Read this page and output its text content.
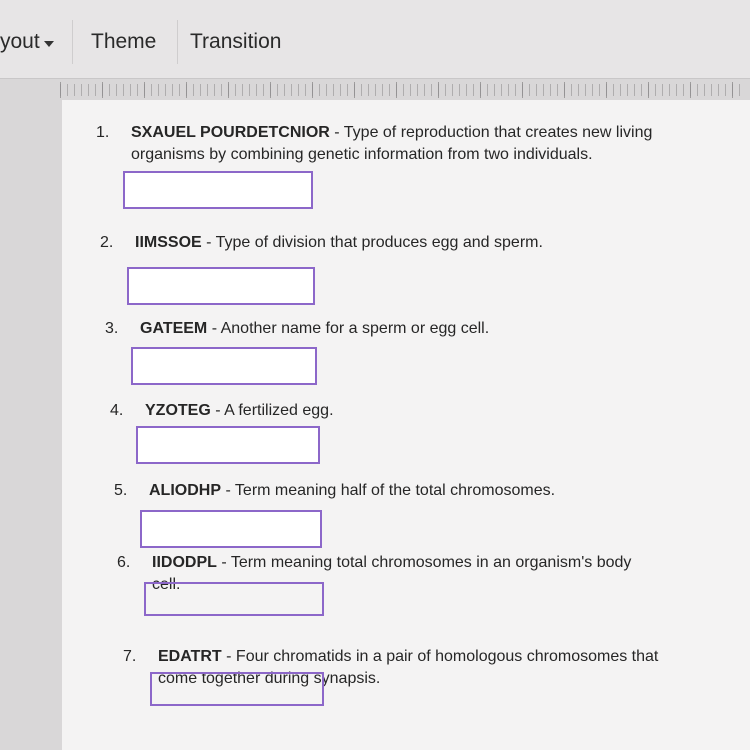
yout Theme Transition
1. SXAUEL POURDETCNIOR - Type of reproduction that creates new living organisms by combining genetic information from two individuals.
2. IIMSSOE - Type of division that produces egg and sperm.
3. GATEEM - Another name for a sperm or egg cell.
4. YZOTEG - A fertilized egg.
5. ALIODHP - Term meaning half of the total chromosomes.
6. IIDODPL - Term meaning total chromosomes in an organism's body cell.
7. EDATRT - Four chromatids in a pair of homologous chromosomes that come together during synapsis.
